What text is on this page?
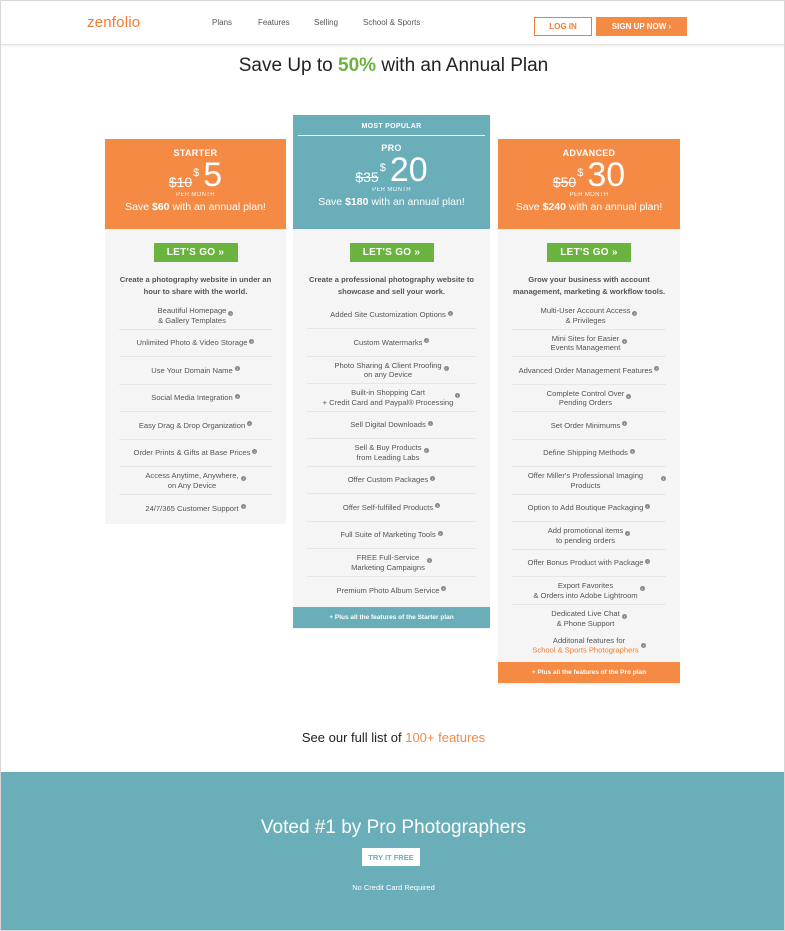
zenfolio	Plans	Features	Selling	School & Sports	LOG IN	SIGN UP NOW ›
Save Up to 50% with an Annual Plan
STARTER
$10
$ 5
PER MONTH
Save $60 with an annual plan!
LET'S GO »
Create a photography website in under an hour to share with the world.
Beautiful Homepage
& Gallery Templates
i
Unlimited Photo & Video Storage	i
Use Your Domain Name	i
Social Media Integration	i
Easy Drag & Drop Organization	i
Order Prints & Gifts at Base Prices	i
Access Anytime, Anywhere,
on Any Device
i
24/7/365 Customer Support	i
MOST POPULAR
PRO
$35
$ 20
PER MONTH
Save $180 with an annual plan!
LET'S GO »
Create a professional photography website to showcase and sell your work.
Added Site Customization Options	i
Custom Watermarks	i
Photo Sharing & Client Proofing
on any Device
i
Built-in Shopping Cart
+ Credit Card and Paypal® Processing
i
Sell Digital Downloads	i
Sell & Buy Products
from Leading Labs
i
Offer Custom Packages	i
Offer Self-fulfilled Products	i
Full Suite of Marketing Tools	i
FREE Full-Service
Marketing Campaigns
i
Premium Photo Album Service	i
+ Plus all the features of the Starter plan
ADVANCED
$50
$ 30
PER MONTH
Save $240 with an annual plan!
LET'S GO »
Grow your business with account management, marketing & workflow tools.
Multi-User Account Access
& Privileges
i
Mini Sites for Easier
Events Management
i
Advanced Order Management Features	i
Complete Control Over
Pending Orders
i
Set Order Minimums	i
Define Shipping Methods	i
Offer Miller's Professional Imaging Products
i
Option to Add Boutique Packaging	i
Add promotional items
to pending orders
i
Offer Bonus Product with Package	i
Export Favorites
& Orders into Adobe Lightroom
i
Dedicated Live Chat
& Phone Support
i
Additonal features for
School & Sports Photographersi
+ Plus all the features of the Pro plan
See our full list of 100+ features
Voted #1 by Pro Photographers
TRY IT FREE
No Credit Card Required
